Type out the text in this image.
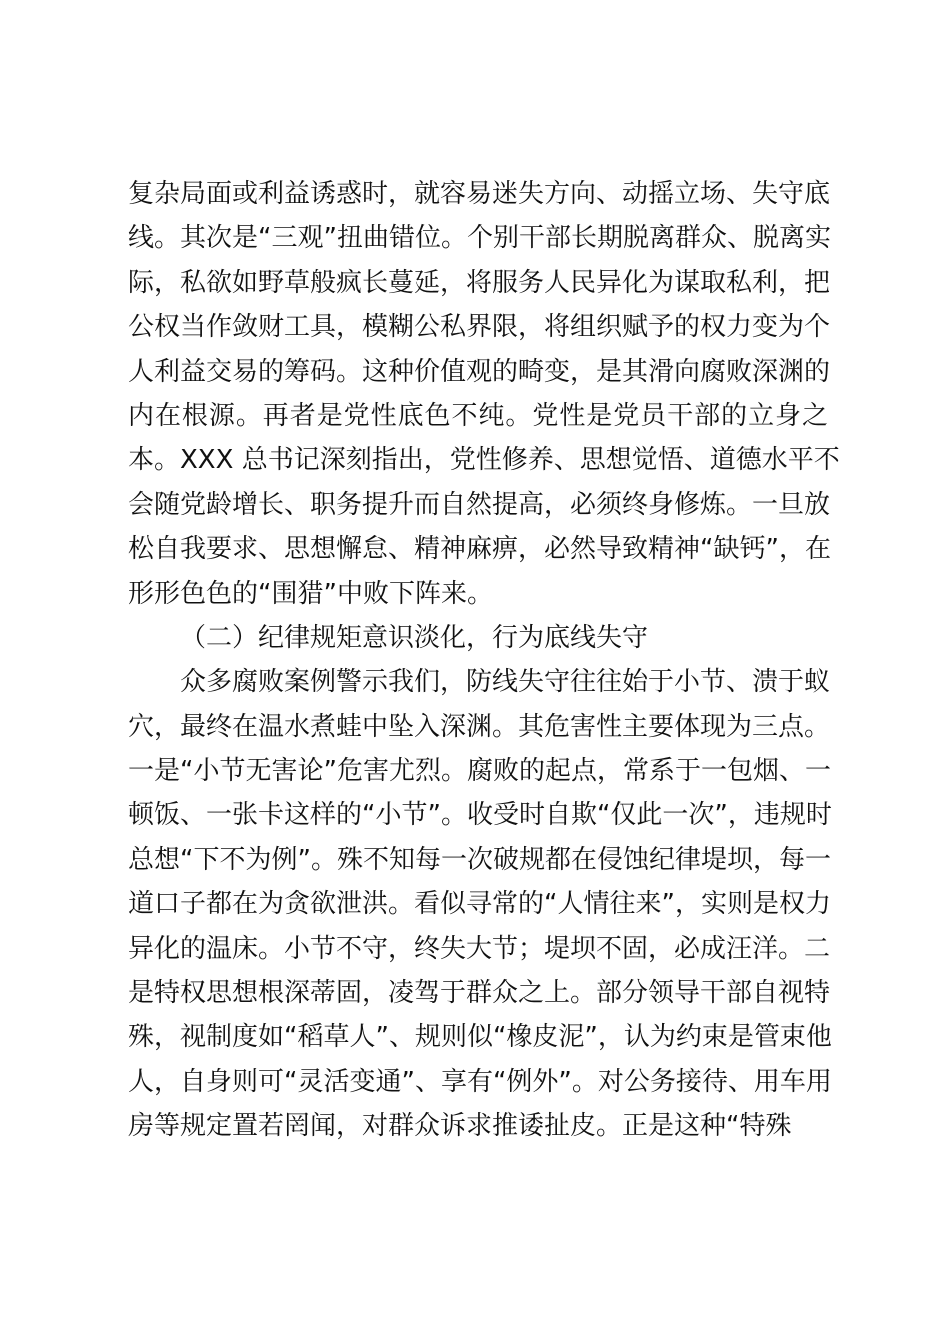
复杂局面或利益诱惑时，就容易迷失方向、动摇立场、失守底
线。其次是“三观”扭曲错位。个别干部长期脱离群众、脱离实
际，私欲如野草般疯长蔓延，将服务人民异化为谋取私利，把
公权当作敛财工具，模糊公私界限，将组织赋予的权力变为个
人利益交易的筹码。这种价值观的畸变，是其滑向腐败深渊的
内在根源。再者是党性底色不纯。党性是党员干部的立身之
本。XXX 总书记深刻指出，党性修养、思想觉悟、道德水平不
会随党龄增长、职务提升而自然提高，必须终身修炼。一旦放
松自我要求、思想懈怠、精神麻痹，必然导致精神“缺钙”，在
形形色色的“围猎”中败下阵来。
（二）纪律规矩意识淡化，行为底线失守
众多腐败案例警示我们，防线失守往往始于小节、溃于蚁
穴，最终在温水煮蛙中坠入深渊。其危害性主要体现为三点。
一是“小节无害论”危害尤烈。腐败的起点，常系于一包烟、一
顿饭、一张卡这样的“小节”。收受时自欺“仅此一次”，违规时
总想“下不为例”。殊不知每一次破规都在侵蚀纪律堤坝，每一
道口子都在为贪欲泄洪。看似寻常的“人情往来”，实则是权力
异化的温床。小节不守，终失大节；堤坝不固，必成汪洋。二
是特权思想根深蒂固，凌驾于群众之上。部分领导干部自视特
殊，视制度如“稻草人”、规则似“橡皮泥”，认为约束是管束他
人，自身则可“灵活变通”、享有“例外”。对公务接待、用车用
房等规定置若罔闻，对群众诉求推诿扯皮。正是这种“特殊
